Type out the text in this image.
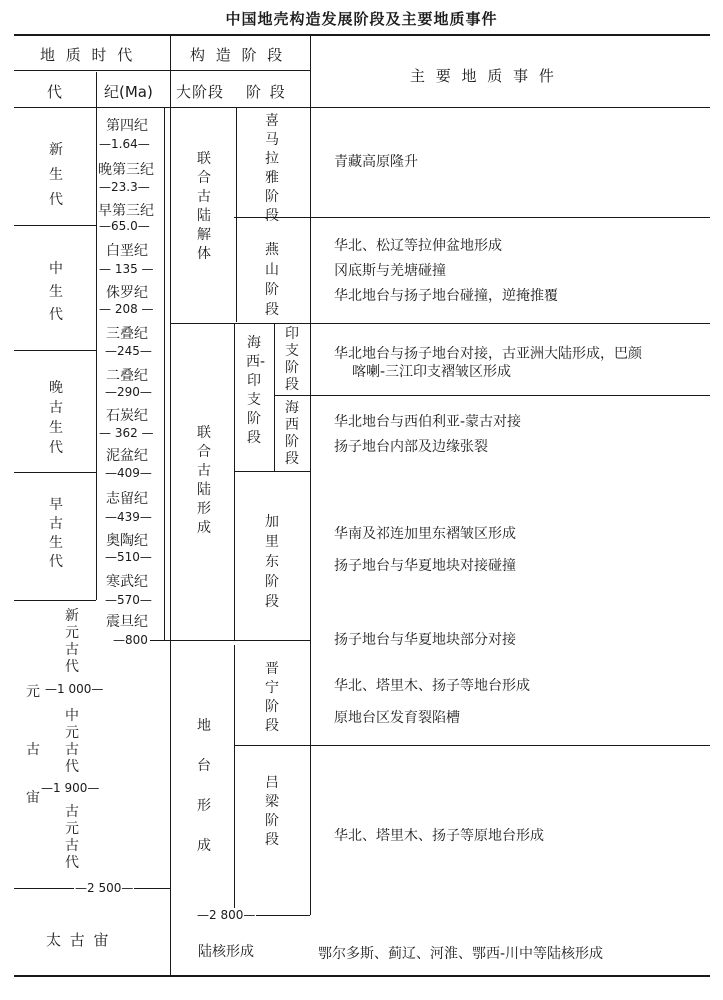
中国地壳构造发展阶段及主要地质事件
地 质 时 代	构 造 阶 段
代	纪(Ma) 大阶段 阶 段
主 要 地 质 事 件
新生代
中生代
晚古生代
早古生代
元
古
宙
新元古代
中元古代
古元古代
太 古 宙
第四纪
晚第三纪
早第三纪
白垩纪
侏罗纪
三叠纪
二叠纪
石炭纪
泥盆纪
志留纪
奥陶纪
寒武纪
震旦纪
—1.64—
—23.3—
—65.0—
— 135 —
— 208 —
—245—
—290—
— 362 —
—409—
—439—
—510—
—570—
—800
—1 000—
—1 900—
—2 500—
—2 800—
联合古陆解体
联合古陆形成
地台形成
陆核形成
喜马拉雅阶段
燕山阶段
海西-印支阶段
印支阶段
海西阶段
加里东阶段
晋宁阶段
吕梁阶段
青藏高原隆升
华北、松辽等拉伸盆地形成
冈底斯与羌塘碰撞
华北地台与扬子地台碰撞，逆掩推覆
华北地台与扬子地台对接，古亚洲大陆形成，巴颜
喀喇-三江印支褶皱区形成
华北地台与西伯利亚-蒙古对接
扬子地台内部及边缘张裂
华南及祁连加里东褶皱区形成
扬子地台与华夏地块对接碰撞
扬子地台与华夏地块部分对接
华北、塔里木、扬子等地台形成
原地台区发育裂陷槽
华北、塔里木、扬子等原地台形成
鄂尔多斯、蓟辽、河淮、鄂西-川中等陆核形成
